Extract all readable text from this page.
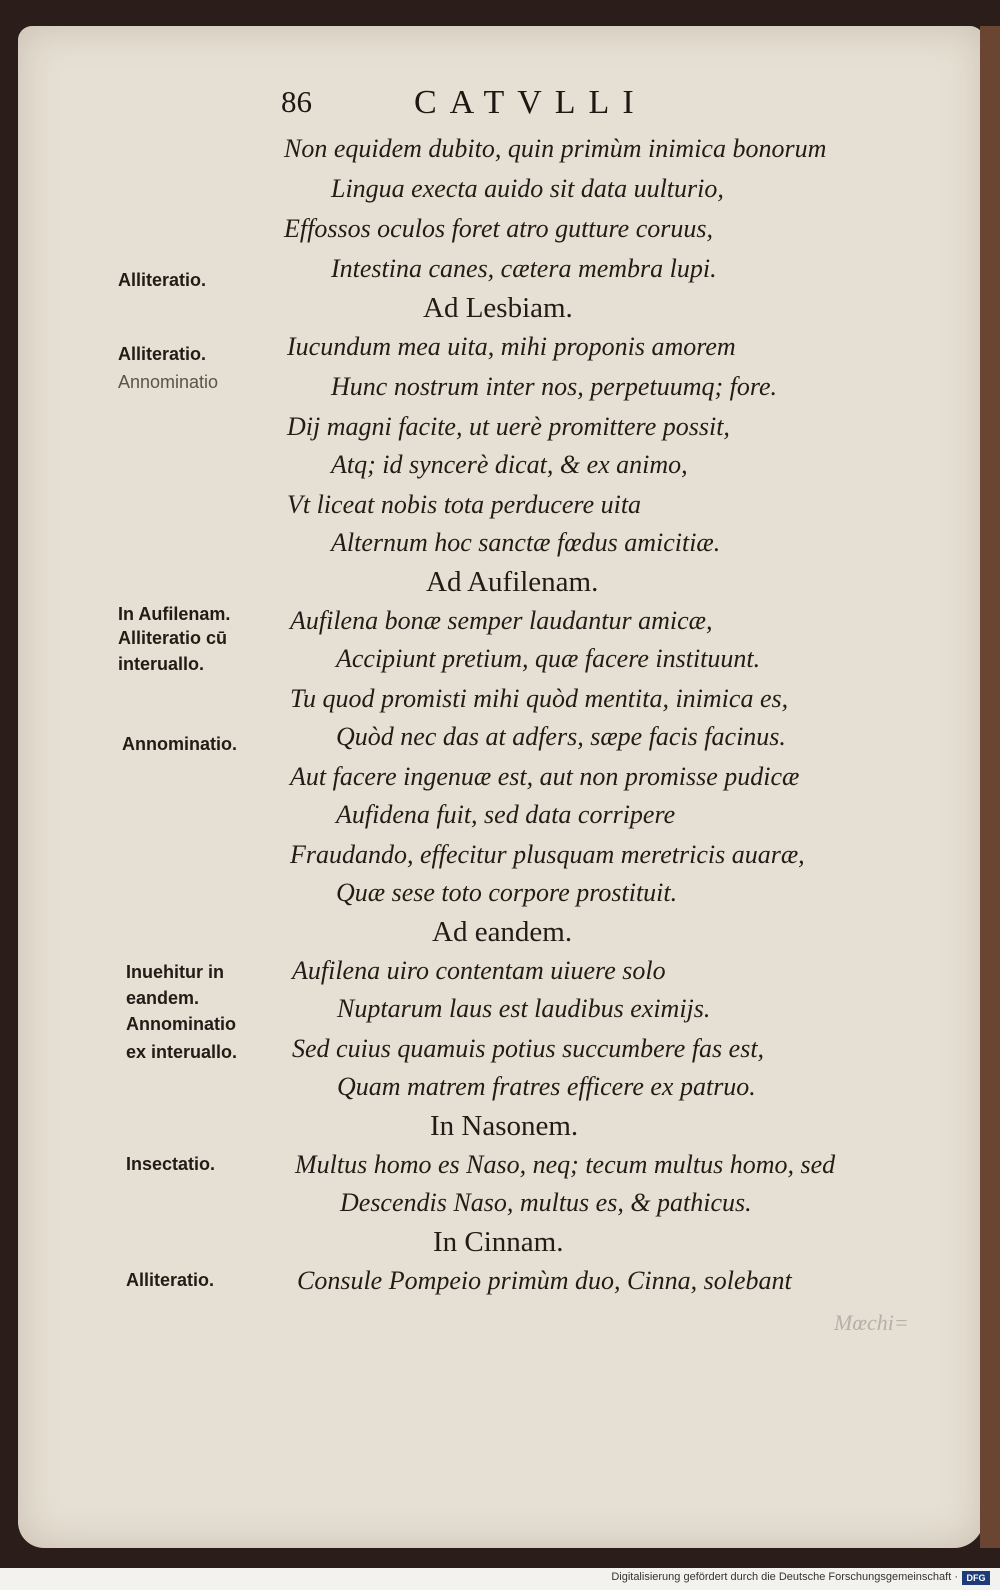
86	CATVLLI
Non equidem dubito, quin primùm inimica bonorum
Lingua execta auido sit data uulturio,
Effossos oculos foret atro gutture coruus,
Intestina canes, cætera membra lupi.
Ad Lesbiam.
Iucundum mea uita, mihi proponis amorem
Hunc nostrum inter nos, perpetuumq; fore.
Dij magni facite, ut uerè promittere possit,
Atq; id syncerè dicat, & ex animo,
Vt liceat nobis tota perducere uita
Alternum hoc sanctæ fœdus amicitiæ.
Ad Aufilenam.
Aufilena bonæ semper laudantur amicæ,
Accipiunt pretium, quæ facere instituunt.
Tu quod promisti mihi quòd mentita, inimica es,
Quòd nec das at adfers, sæpe facis facinus.
Aut facere ingenuæ est, aut non promisse pudicæ
Aufidena fuit, sed data corripere
Fraudando, effecitur plusquam meretricis auaræ,
Quæ sese toto corpore prostituit.
Ad eandem.
Aufilena uiro contentam uiuere solo
Nuptarum laus est laudibus eximijs.
Sed cuius quamuis potius succumbere fas est,
Quam matrem fratres efficere ex patruo.
In Nasonem.
Multus homo es Naso, neq; tecum multus homo, sed
Descendis Naso, multus es, & pathicus.
In Cinnam.
Consule Pompeio primùm duo, Cinna, solebant
Alliteratio.
Alliteratio.
Annominatio
In Aufilenam.
Alliteratio cū
interuallo.
Annominatio.
Inuehitur in
eandem.
Annominatio
ex interuallo.
Insectatio.
Alliteratio.
Mœchi=
Digitalisierung gefördert durch die Deutsche Forschungsgemeinschaft · DFG
